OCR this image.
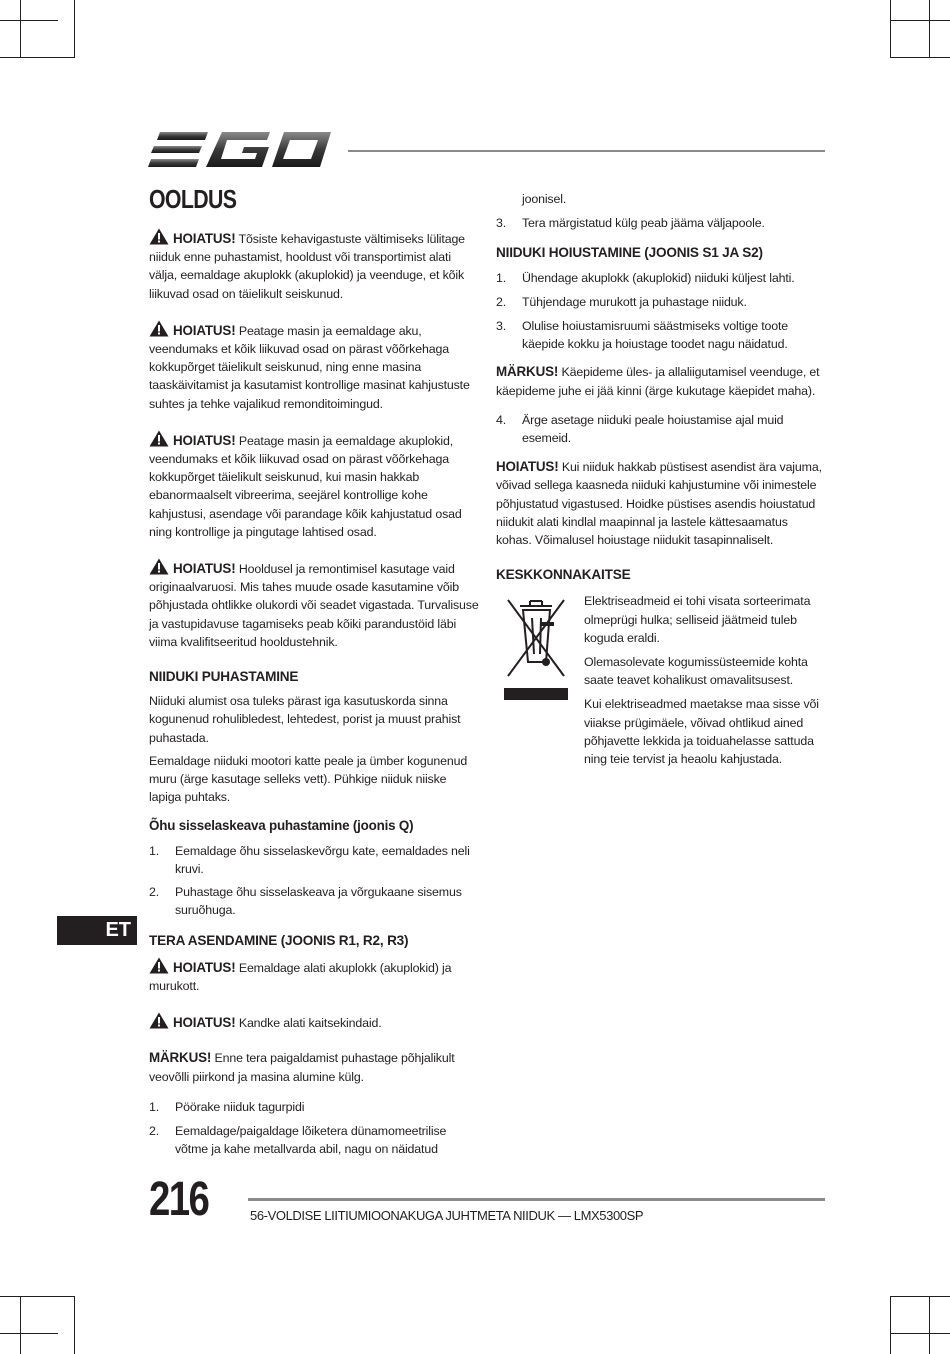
OOLDUS

HOIATUS! Tõsiste kehavigastuste vältimiseks lülitage niiduk enne puhastamist, hooldust või transportimist alati välja, eemaldage akuplokk (akuplokid) ja veenduge, et kõik liikuvad osad on täielikult seiskunud.

HOIATUS! Peatage masin ja eemaldage aku, veendumaks et kõik liikuvad osad on pärast võõrkehaga kokkupõrget täielikult seiskunud, ning enne masina taaskäivitamist ja kasutamist kontrollige masinat kahjustuste suhtes ja tehke vajalikud remonditoimingud.

HOIATUS! Peatage masin ja eemaldage akuplokid, veendumaks et kõik liikuvad osad on pärast võõrkehaga kokkupõrget täielikult seiskunud, kui masin hakkab ebanormaalselt vibreerima, seejärel kontrollige kohe kahjustusi, asendage või parandage kõik kahjustatud osad ning kontrollige ja pingutage lahtised osad.

HOIATUS! Hooldusel ja remontimisel kasutage vaid originaalvaruosi. Mis tahes muude osade kasutamine võib põhjustada ohtlikke olukordi või seadet vigastada. Turvalisuse ja vastupidavuse tagamiseks peab kõiki parandustöid läbi viima kvalifitseeritud hooldustehnik.

NIIDUKI PUHASTAMINE

Niiduki alumist osa tuleks pärast iga kasutuskorda sinna kogunenud rohulibledest, lehtedest, porist ja muust prahist puhastada.

Eemaldage niiduki mootori katte peale ja ümber kogunenud muru (ärge kasutage selleks vett). Pühkige niiduk niiske lapiga puhtaks.

Õhu sisselaskeava puhastamine (joonis Q)

1. Eemaldage õhu sisselaskevõrgu kate, eemaldades neli kruvi.
2. Puhastage õhu sisselaskeava ja võrgukaane sisemus suruõhuga.

TERA ASENDAMINE (JOONIS R1, R2, R3)

HOIATUS! Eemaldage alati akuplokk (akuplokid) ja murukott.

HOIATUS! Kandke alati kaitsekindaid.

MÄRKUS! Enne tera paigaldamist puhastage põhjalikult veovõlli piirkond ja masina alumine külg.

1. Pöörake niiduk tagurpidi
2. Eemaldage/paigaldage lõiketera dünamomeetrilise võtme ja kahe metallvarda abil, nagu on näidatud

joonisel.

3. Tera märgistatud külg peab jääma väljapoole.

NIIDUKI HOIUSTAMINE (JOONIS S1 JA S2)

1. Ühendage akuplokk (akuplokid) niiduki küljest lahti.
2. Tühjendage murukott ja puhastage niiduk.
3. Olulise hoiustamisruumi säästmiseks voltige toote käepide kokku ja hoiustage toodet nagu näidatud.

MÄRKUS! Käepideme üles- ja allaliigutamisel veenduge, et käepideme juhe ei jää kinni (ärge kukutage käepidet maha).

4. Ärge asetage niiduki peale hoiustamise ajal muid esemeid.

HOIATUS! Kui niiduk hakkab püstisest asendist ära vajuma, võivad sellega kaasneda niiduki kahjustumine või inimestele põhjustatud vigastused. Hoidke püstises asendis hoiustatud niidukit alati kindlal maapinnal ja lastele kättesaamatus kohas. Võimalusel hoiustage niidukit tasapinnaliselt.

KESKKONNAKAITSE

Elektriseadmeid ei tohi visata sorteerimata olmeprügi hulka; selliseid jäätmeid tuleb koguda eraldi.

Olemasolevate kogumissüsteemide kohta saate teavet kohalikust omavalitsusest.

Kui elektriseadmed maetakse maa sisse või viiakse prügimäele, võivad ohtlikud ained põhjavette lekkida ja toiduahelasse sattuda ning teie tervist ja heaolu kahjustada.

ET
216	56-VOLDISE LIITIUMIOONAKUGA JUHTMETA NIIDUK — LMX5300SP
